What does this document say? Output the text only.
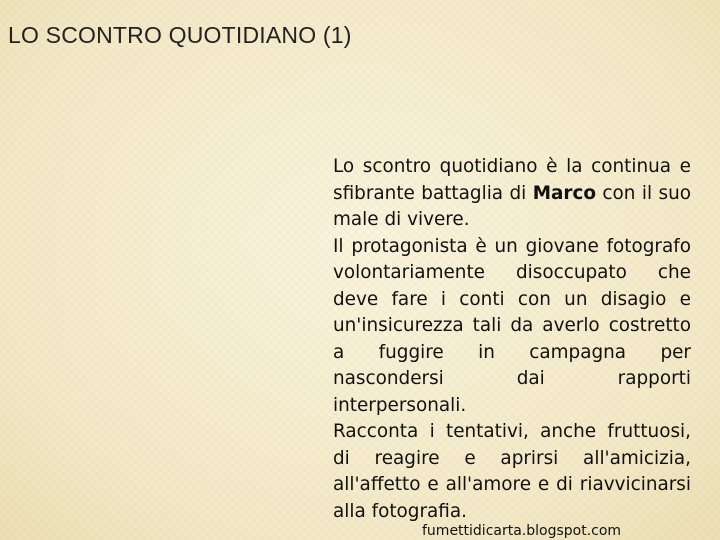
LO SCONTRO QUOTIDIANO (1)

Lo scontro quotidiano è la continua e sfibrante battaglia di Marco con il suo male di vivere.

Il protagonista è un giovane fotografo volontariamente disoccupato che deve fare i conti con un disagio e un'insicurezza tali da averlo costretto a fuggire in campagna per nascondersi dai rapporti interpersonali.

Racconta i tentativi, anche fruttuosi, di reagire e aprirsi all'amicizia, all'affetto e all'amore e di riavvicinarsi alla fotografia.

fumettidicarta.blogspot.com
